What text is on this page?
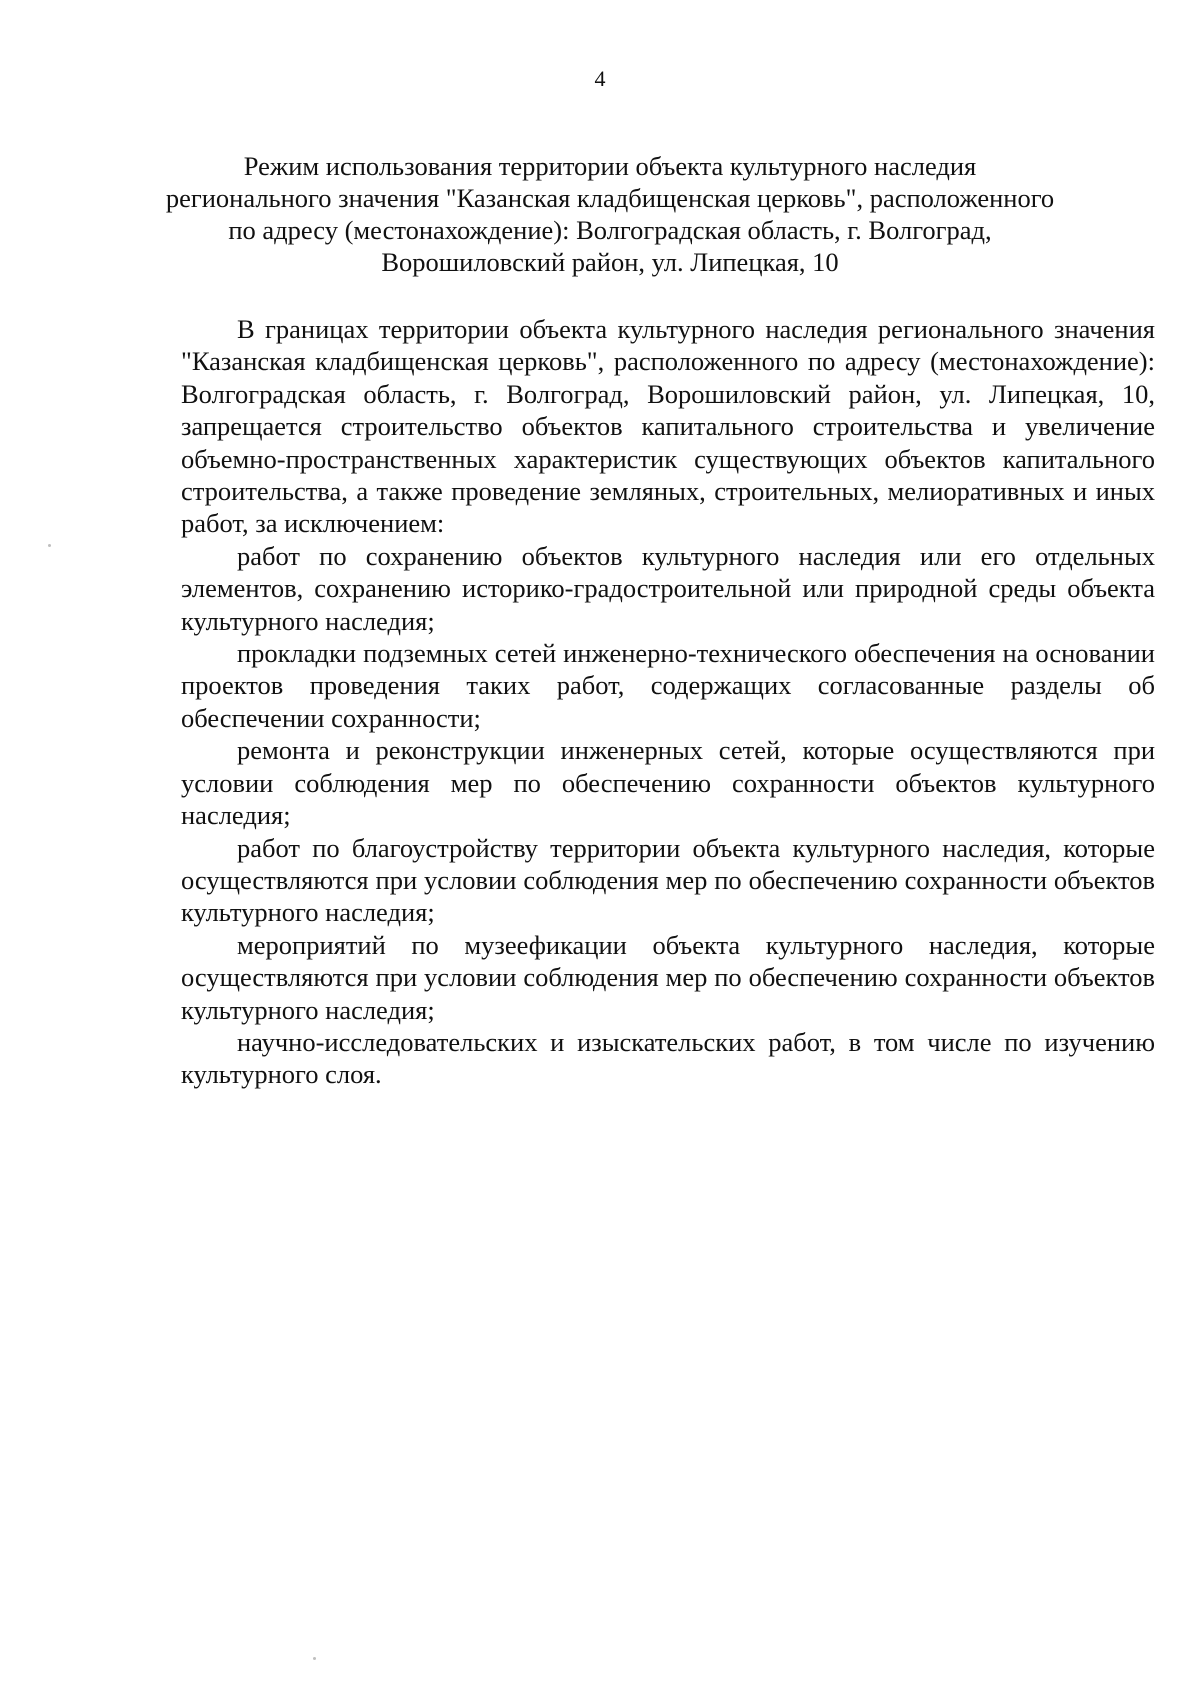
4
Режим использования территории объекта культурного наследия
регионального значения "Казанская кладбищенская церковь", расположенного
по адресу (местонахождение): Волгоградская область, г. Волгоград,
Ворошиловский район, ул. Липецкая, 10

В границах территории объекта культурного наследия регионального значения "Казанская кладбищенская церковь", расположенного по адресу (местонахождение): Волгоградская область, г. Волгоград, Ворошиловский район, ул. Липецкая, 10, запрещается строительство объектов капитального строительства и увеличение объемно-пространственных характеристик существующих объектов капитального строительства, а также проведение земляных, строительных, мелиоративных и иных работ, за исключением:

работ по сохранению объектов культурного наследия или его отдельных элементов, сохранению историко-градостроительной или природной среды объекта культурного наследия;

прокладки подземных сетей инженерно-технического обеспечения на основании проектов проведения таких работ, содержащих согласованные разделы об обеспечении сохранности;

ремонта и реконструкции инженерных сетей, которые осуществляются при условии соблюдения мер по обеспечению сохранности объектов культурного наследия;

работ по благоустройству территории объекта культурного наследия, которые осуществляются при условии соблюдения мер по обеспечению сохранности объектов культурного наследия;

мероприятий по музеефикации объекта культурного наследия, которые осуществляются при условии соблюдения мер по обеспечению сохранности объектов культурного наследия;

научно-исследовательских и изыскательских работ, в том числе по изучению культурного слоя.
